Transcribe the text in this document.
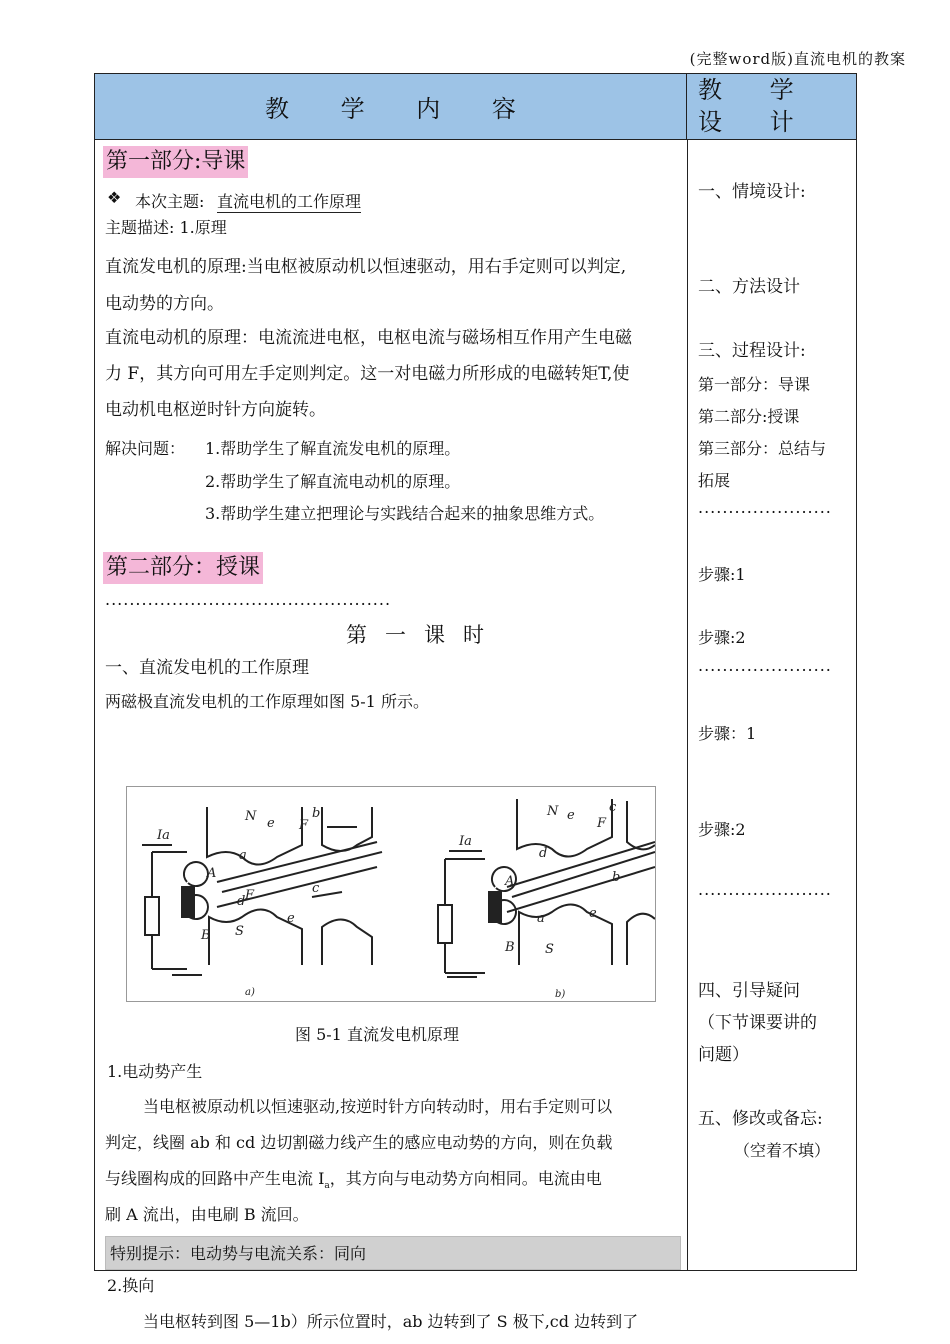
(完整word版)直流电机的教案
教 学 内 容
教 学 设 计
第一部分:导课
❖ 本次主题: 直流电机的工作原理
主题描述: 1.原理
直流发电机的原理:当电枢被原动机以恒速驱动，用右手定则可以判定,
电动势的方向。
直流电动机的原理：电流流进电枢，电枢电流与磁场相互作用产生电磁
力 F，其方向可用左手定则判定。这一对电磁力所形成的电磁转矩T,使
电动机电枢逆时针方向旋转。
解决问题： 1.帮助学生了解直流发电机的原理。
2.帮助学生了解直流电动机的原理。
3.帮助学生建立把理论与实践结合起来的抽象思维方式。
第二部分：授课
...............................................
第一课时
一、直流发电机的工作原理
两磁极直流发电机的工作原理如图 5-1 所示。
N
S
A
B
Ia
e F
b
F
e
c
d
a
a)
N
S
A
B
Ia
e
F
c
b
d
a	e
b)
图 5-1 直流发电机原理
1.电动势产生
当电枢被原动机以恒速驱动,按逆时针方向转动时，用右手定则可以
判定，线圈 ab 和 cd 边切割磁力线产生的感应电动势的方向，则在负载
与线圈构成的回路中产生电流 $I_a$，其方向与电动势方向相同。电流由电
刷 A 流出，由电刷 B 流回。
特别提示：电动势与电流关系：同向
2.换向
当电枢转到图 5—1b）所示位置时，ab 边转到了 S 极下,cd 边转到了
一、情境设计:
二、方法设计
三、过程设计:
第一部分：导课
第二部分:授课
第三部分：总结与
拓展
......................
步骤:1
步骤:2
......................
步骤：1
步骤:2
......................
四、引导疑问
（下节课要讲的
问题）
五、修改或备忘:
（空着不填）
